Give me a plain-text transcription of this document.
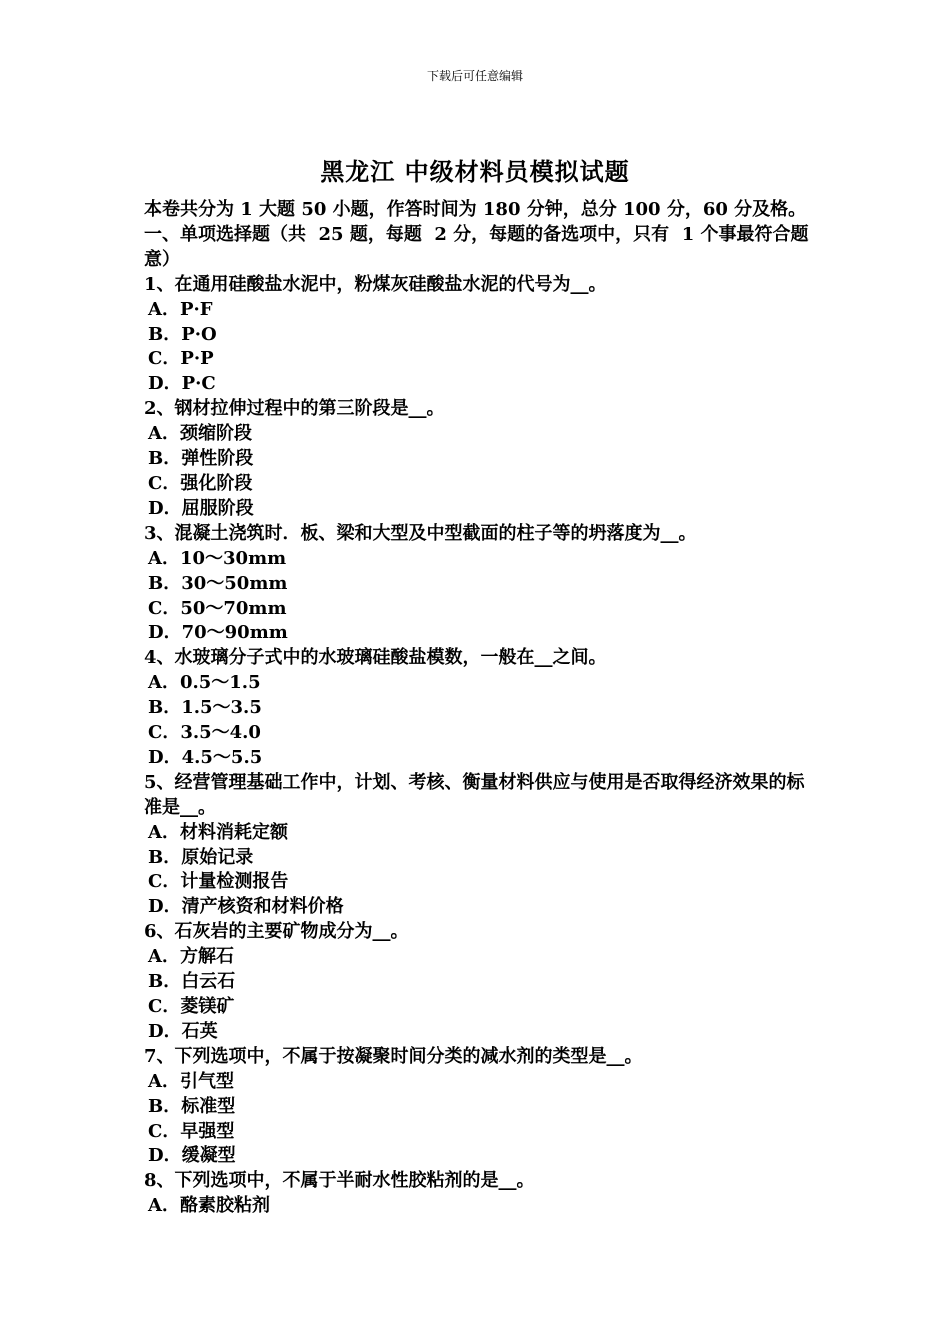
下载后可任意编辑
黑龙江 中级材料员模拟试题
本卷共分为 1 大题 50 小题，作答时间为 180 分钟，总分 100 分，60 分及格。
一、单项选择题（共  25 题，每题  2 分，每题的备选项中，只有  1 个事最符合题意）
1、在通用硅酸盐水泥中，粉煤灰硅酸盐水泥的代号为__。
A．P·F
B．P·O
C．P·P
D．P·C
2、钢材拉伸过程中的第三阶段是__。
A．颈缩阶段
B．弹性阶段
C．强化阶段
D．屈服阶段
3、混凝土浇筑时．板、梁和大型及中型截面的柱子等的坍落度为__。
A．10～30mm
B．30～50mm
C．50～70mm
D．70～90mm
4、水玻璃分子式中的水玻璃硅酸盐模数，一般在__之间。
A．0.5～1.5
B．1.5～3.5
C．3.5～4.0
D．4.5～5.5
5、经营管理基础工作中，计划、考核、衡量材料供应与使用是否取得经济效果的标准是__。
A．材料消耗定额
B．原始记录
C．计量检测报告
D．清产核资和材料价格
6、石灰岩的主要矿物成分为__。
A．方解石
B．白云石
C．菱镁矿
D．石英
7、下列选项中，不属于按凝聚时间分类的减水剂的类型是__。
A．引气型
B．标准型
C．早强型
D．缓凝型
8、下列选项中，不属于半耐水性胶粘剂的是__。
A．酪素胶粘剂
